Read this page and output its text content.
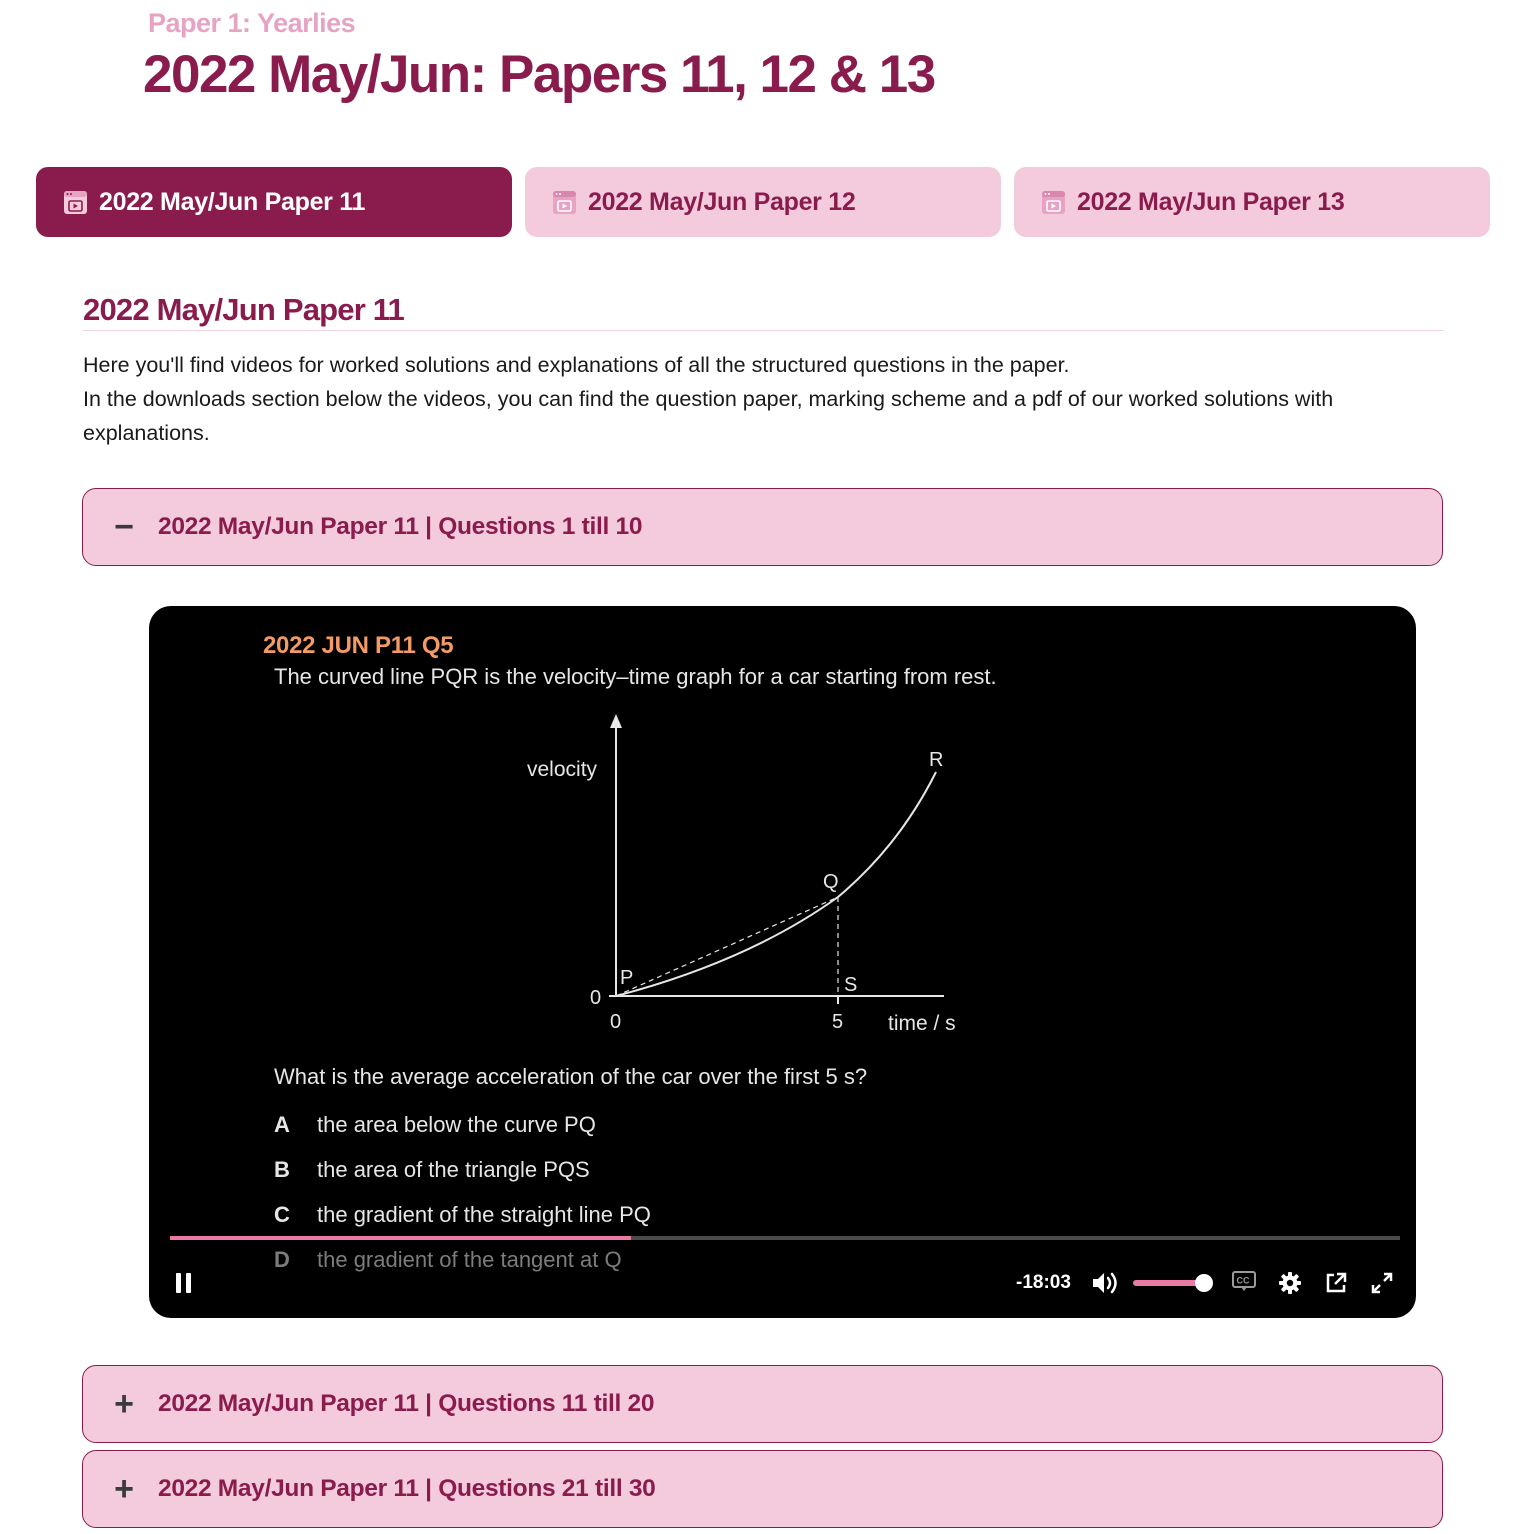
Paper 1: Yearlies
2022 May/Jun: Papers 11, 12 & 13
2022 May/Jun Paper 11	2022 May/Jun Paper 12	2022 May/Jun Paper 13
2022 May/Jun Paper 11

Here you'll find videos for worked solutions and explanations of all the structured questions in the paper.

In the downloads section below the videos, you can find the question paper, marking scheme and a pdf of our worked solutions with explanations.

− 2022 May/Jun Paper 11 | Questions 1 till 10
2022 JUN P11 Q5
The curved line PQR is the velocity–time graph for a car starting from rest.
velocity
time / s
0
0	5
P
Q
R
S
What is the average acceleration of the car over the first 5 s?
A the area below the curve PQ
B the area of the triangle PQS
C the gradient of the straight line PQ
D the gradient of the tangent at Q
-18:03	CC
+ 2022 May/Jun Paper 11 | Questions 11 till 20
+ 2022 May/Jun Paper 11 | Questions 21 till 30
